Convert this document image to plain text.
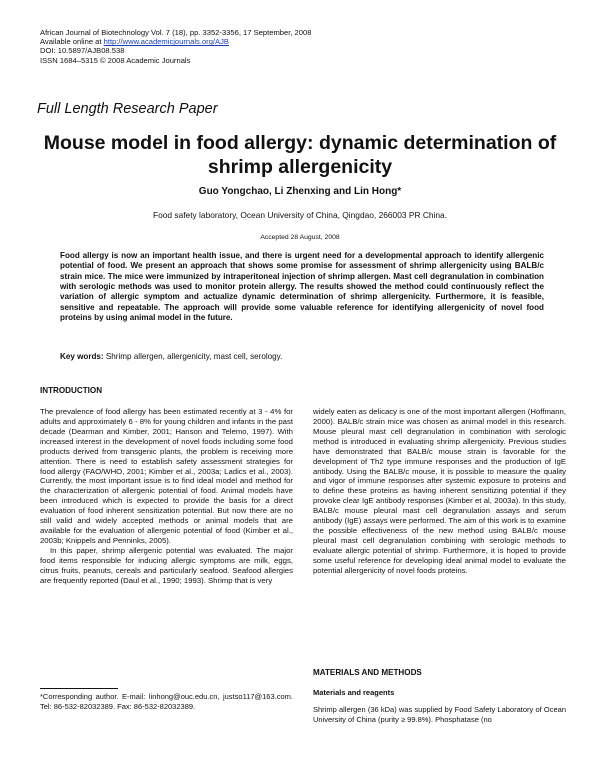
African Journal of Biotechnology Vol. 7 (18), pp. 3352-3356, 17 September, 2008
Available online at http://www.academicjournals.org/AJB
DOI: 10.5897/AJB08.538
ISSN 1684–5315 © 2008 Academic Journals
Full Length Research Paper
Mouse model in food allergy: dynamic determination of shrimp allergenicity
Guo Yongchao, Li Zhenxing and Lin Hong*
Food safety laboratory, Ocean University of China, Qingdao, 266003 PR China.
Accepted 28 August, 2008
Food allergy is now an important health issue, and there is urgent need for a developmental approach to identify allergenic potential of food. We present an approach that shows some promise for assessment of shrimp allergenicity using BALB/c strain mice. The mice were immunized by intraperitoneal injection of shrimp allergen. Mast cell degranulation in combination with serologic methods was used to monitor protein allergy. The results showed the method could continuously reflect the variation of allergic symptom and actualize dynamic determination of shrimp allergenicity. Furthermore, it is feasible, sensitive and repeatable. The approach will provide some valuable reference for identifying allergenicity of novel food proteins by using animal model in the future.
Key words: Shrimp allergen, allergenicity, mast cell, serology.
INTRODUCTION

The prevalence of food allergy has been estimated recently at 3 - 4% for adults and approximately 6 - 8% for young children and infants in the past decade (Dearman and Kimber, 2001; Hanson and Telemo, 1997). With increased interest in the development of novel foods including some food products derived from transgenic plants, the problem is receiving more attention. There is need to establish safety assessment strategies for food allergy (FAO/WHO, 2001; Kimber et al., 2003a; Ladics et al., 2003). Currently, the most important issue is to find ideal model and method for the characterization of allergenic potential of food. Animal models have been introduced which is expected to provide the basis for a direct evaluation of food inherent sensitization potential. But now there are no still valid and widely accepted methods or animal models that are available for the evaluation of allergenic potential of food (Kimber et al., 2003b; Knippels and Penninks, 2005).

In this paper, shrimp allergenic potential was evaluated. The major food items responsible for inducing allergic symptoms are milk, eggs, citrus fruits, peanuts, cereals and particularly seafood. Seafood allergies are frequently reported (Daul et al., 1990; 1993). Shrimp that is very

widely eaten as delicacy is one of the most important allergen (Hoffmann, 2000). BALB/c strain mice was chosen as animal model in this research. Mouse pleural mast cell degranulation in combination with serologic method is introduced in evaluating shrimp allergenicity. Previous studies have demonstrated that BALB/c mouse strain is favorable for the development of Th2 type immune responses and the production of IgE antibody. Using the BALB/c mouse, it is possible to measure the quality and vigor of immune responses after systemic exposure to proteins and to define these proteins as having inherent sensitizing potential if they provoke clear IgE antibody responses (Kimber et al, 2003a). In this study, BALB/c mouse pleural mast cell degranulation assays and serum antibody (IgE) assays were performed. The aim of this work is to examine the possible effectiveness of the new method using BALB/c mouse pleural mast cell degranulation combining with serologic methods to evaluate allergic potential of shrimp. Furthermore, it is hoped to provide some useful reference for developing ideal animal model to evaluate the potential allergenicity of novel foods proteins.

MATERIALS AND METHODS
Materials and reagents
Shrimp allergen (36 kDa) was supplied by Food Safety Laboratory of Ocean University of China (purity ≥ 99.8%). Phosphatase (no
*Corresponding author. E-mail: linhong@ouc.edu.cn, justso117@163.com. Tel: 86-532-82032389. Fax: 86-532-82032389.
